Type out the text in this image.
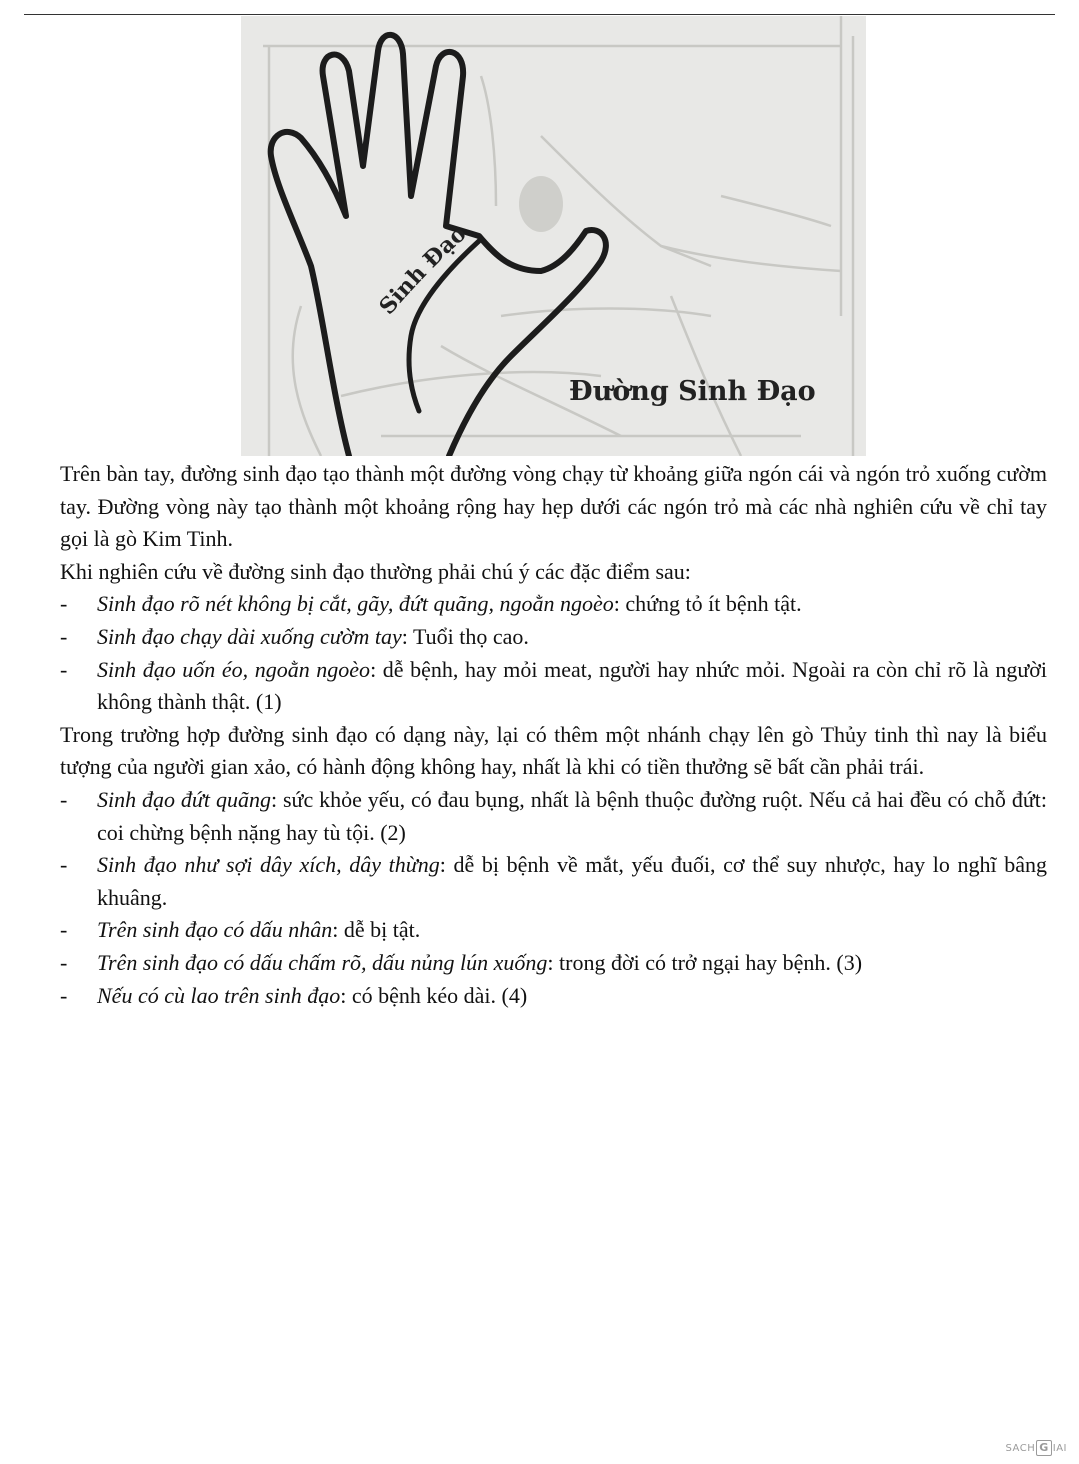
Sinh Đạo
Đường Sinh Đạo

Trên bàn tay, đường sinh đạo tạo thành một đường vòng chạy từ khoảng giữa ngón cái và ngón trỏ xuống cườm tay. Đường vòng này tạo thành một khoảng rộng hay hẹp dưới các ngón trỏ mà các nhà nghiên cứu về chỉ tay gọi là gò Kim Tinh.

Khi nghiên cứu về đường sinh đạo thường phải chú ý các đặc điểm sau:

- Sinh đạo rõ nét không bị cắt, gãy, đứt quãng, ngoằn ngoèo: chứng tỏ ít bệnh tật.
- Sinh đạo chạy dài xuống cườm tay: Tuổi thọ cao.
- Sinh đạo uốn éo, ngoằn ngoèo: dễ bệnh, hay mỏi meat, người hay nhức mỏi. Ngoài ra còn chỉ rõ là người không thành thật. (1)

Trong trường hợp đường sinh đạo có dạng này, lại có thêm một nhánh chạy lên gò Thủy tinh thì nay là biểu tượng của người gian xảo, có hành động không hay, nhất là khi có tiền thưởng sẽ bất cần phải trái.

- Sinh đạo đứt quãng: sức khỏe yếu, có đau bụng, nhất là bệnh thuộc đường ruột. Nếu cả hai đều có chỗ đứt: coi chừng bệnh nặng hay tù tội. (2)
- Sinh đạo như sợi dây xích, dây thừng: dễ bị bệnh về mắt, yếu đuối, cơ thể suy nhược, hay lo nghĩ bâng khuâng.
- Trên sinh đạo có dấu nhân: dễ bị tật.
- Trên sinh đạo có dấu chấm rõ, dấu nủng lún xuống: trong đời có trở ngại hay bệnh. (3)
- Nếu có cù lao trên sinh đạo: có bệnh kéo dài. (4)
SACH G IAI
